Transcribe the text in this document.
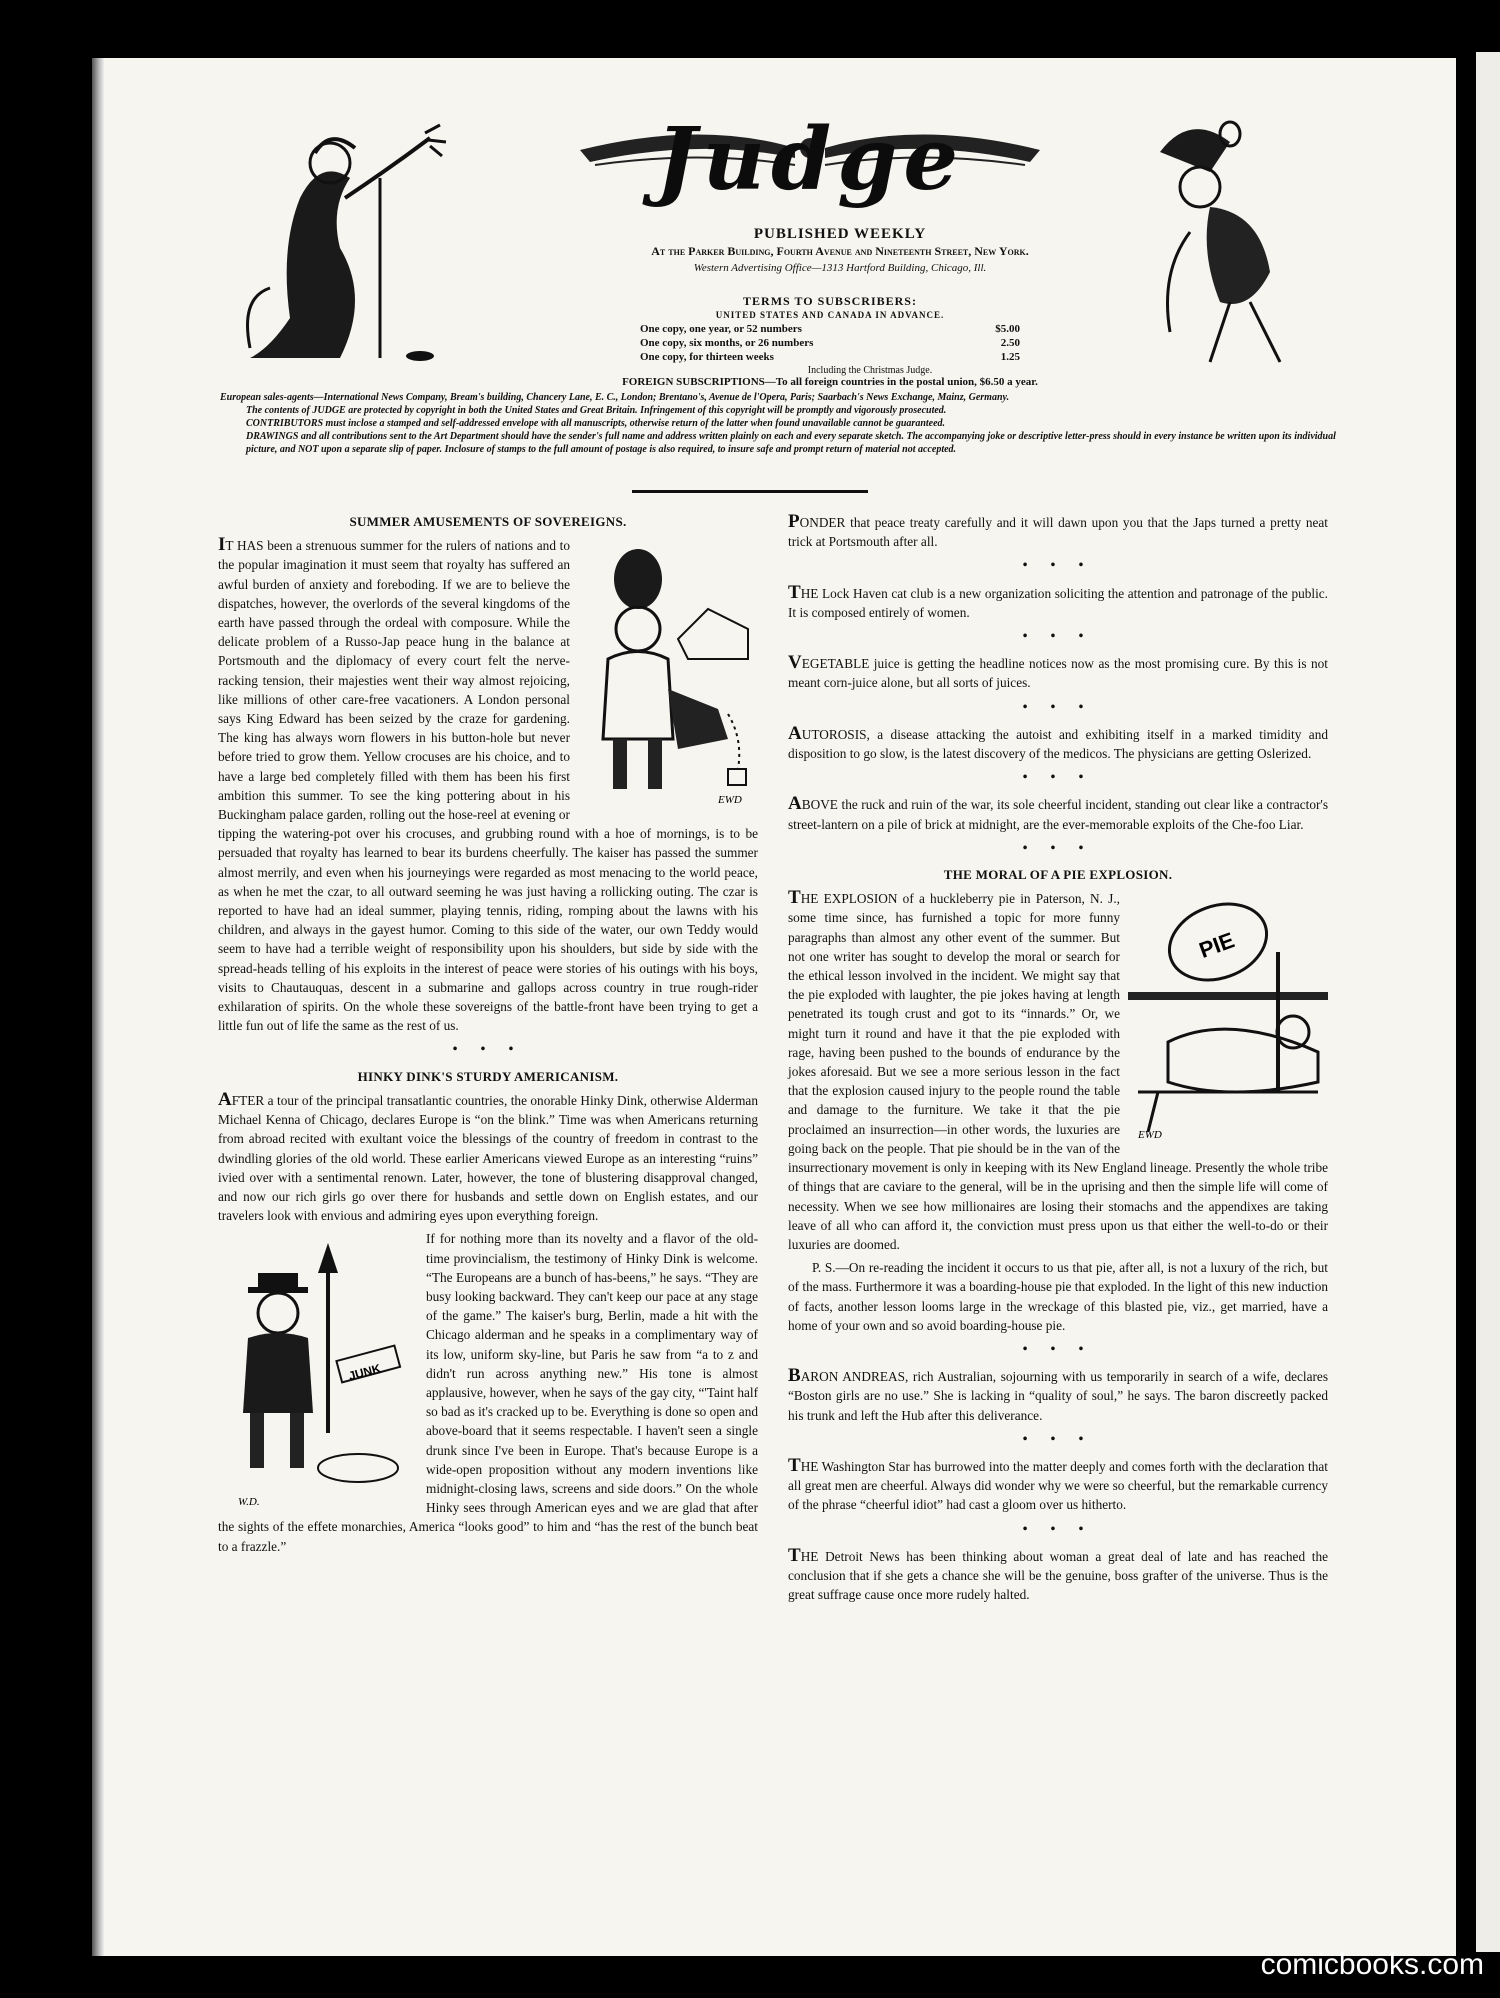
Judge
PUBLISHED WEEKLY
At the Parker Building, Fourth Avenue and Nineteenth Street, New York.
Western Advertising Office—1313 Hartford Building, Chicago, Ill.
TERMS TO SUBSCRIBERS:
UNITED STATES AND CANADA IN ADVANCE.
One copy, one year, or 52 numbers	$5.00
One copy, six months, or 26 numbers	2.50
One copy, for thirteen weeks	1.25
Including the Christmas Judge.
FOREIGN SUBSCRIPTIONS—To all foreign countries in the postal union, $6.50 a year.

European sales-agents—International News Company, Bream's building, Chancery Lane, E. C., London; Brentano's, Avenue de l'Opera, Paris; Saarbach's News Exchange, Mainz, Germany.

The contents of JUDGE are protected by copyright in both the United States and Great Britain. Infringement of this copyright will be promptly and vigorously prosecuted.

CONTRIBUTORS must inclose a stamped and self-addressed envelope with all manuscripts, otherwise return of the latter when found unavailable cannot be guaranteed.

DRAWINGS and all contributions sent to the Art Department should have the sender's full name and address written plainly on each and every separate sketch. The accompanying joke or descriptive letter-press should in every instance be written upon its individual picture, and NOT upon a separate slip of paper. Inclosure of stamps to the full amount of postage is also required, to insure safe and prompt return of material not accepted.

SUMMER AMUSEMENTS OF SOVEREIGNS.
EWD

IT HAS been a strenuous summer for the rulers of nations and to the popular imagination it must seem that royalty has suffered an awful burden of anxiety and foreboding. If we are to believe the dispatches, however, the overlords of the several kingdoms of the earth have passed through the ordeal with composure. While the delicate problem of a Russo-Jap peace hung in the balance at Portsmouth and the diplomacy of every court felt the nerve-racking tension, their majesties went their way almost rejoicing, like millions of other care-free vacationers. A London personal says King Edward has been seized by the craze for gardening. The king has always worn flowers in his button-hole but never before tried to grow them. Yellow crocuses are his choice, and to have a large bed completely filled with them has been his first ambition this summer. To see the king pottering about in his Buckingham palace garden, rolling out the hose-reel at evening or tipping the watering-pot over his crocuses, and grubbing round with a hoe of mornings, is to be persuaded that royalty has learned to bear its burdens cheerfully. The kaiser has passed the summer almost merrily, and even when his journeyings were regarded as most menacing to the world peace, as when he met the czar, to all outward seeming he was just having a rollicking outing. The czar is reported to have had an ideal summer, playing tennis, riding, romping about the lawns with his children, and always in the gayest humor. Coming to this side of the water, our own Teddy would seem to have had a terrible weight of responsibility upon his shoulders, but side by side with the spread-heads telling of his exploits in the interest of peace were stories of his outings with his boys, visits to Chautauquas, descent in a submarine and gallops across country in true rough-rider exhilaration of spirits. On the whole these sovereigns of the battle-front have been trying to get a little fun out of life the same as the rest of us.

• • •
HINKY DINK'S STURDY AMERICANISM.

AFTER a tour of the principal transatlantic countries, the onorable Hinky Dink, otherwise Alderman Michael Kenna of Chicago, declares Europe is “on the blink.” Time was when Americans returning from abroad recited with exultant voice the blessings of the country of freedom in contrast to the dwindling glories of the old world. These earlier Americans viewed Europe as an interesting “ruins” ivied over with a sentimental renown. Later, however, the tone of blustering disapproval changed, and now our rich girls go over there for husbands and settle down on English estates, and our travelers look with envious and admiring eyes upon everything foreign.

JUNK
W.D.

If for nothing more than its novelty and a flavor of the old-time provincialism, the testimony of Hinky Dink is welcome. “The Europeans are a bunch of has-beens,” he says. “They are busy looking backward. They can't keep our pace at any stage of the game.” The kaiser's burg, Berlin, made a hit with the Chicago alderman and he speaks in a complimentary way of its low, uniform sky-line, but Paris he saw from “a to z and didn't run across anything new.” His tone is almost applausive, however, when he says of the gay city, “'Taint half so bad as it's cracked up to be. Everything is done so open and above-board that it seems respectable. I haven't seen a single drunk since I've been in Europe. That's because Europe is a wide-open proposition without any modern inventions like midnight-closing laws, screens and side doors.” On the whole Hinky sees through American eyes and we are glad that after the sights of the effete monarchies, America “looks good” to him and “has the rest of the bunch beat to a frazzle.”

PONDER that peace treaty carefully and it will dawn upon you that the Japs turned a pretty neat trick at Portsmouth after all.

• • •

THE Lock Haven cat club is a new organization soliciting the attention and patronage of the public. It is composed entirely of women.

• • •

VEGETABLE juice is getting the headline notices now as the most promising cure. By this is not meant corn-juice alone, but all sorts of juices.

• • •

AUTOROSIS, a disease attacking the autoist and exhibiting itself in a marked timidity and disposition to go slow, is the latest discovery of the medicos. The physicians are getting Oslerized.

• • •

ABOVE the ruck and ruin of the war, its sole cheerful incident, standing out clear like a contractor's street-lantern on a pile of brick at midnight, are the ever-memorable exploits of the Che-foo Liar.

• • •
THE MORAL OF A PIE EXPLOSION.
PIE
EWD

THE EXPLOSION of a huckleberry pie in Paterson, N. J., some time since, has furnished a topic for more funny paragraphs than almost any other event of the summer. But not one writer has sought to develop the moral or search for the ethical lesson involved in the incident. We might say that the pie exploded with laughter, the pie jokes having at length penetrated its tough crust and got to its “innards.” Or, we might turn it round and have it that the pie exploded with rage, having been pushed to the bounds of endurance by the jokes aforesaid. But we see a more serious lesson in the fact that the explosion caused injury to the people round the table and damage to the furniture. We take it that the pie proclaimed an insurrection—in other words, the luxuries are going back on the people. That pie should be in the van of the insurrectionary movement is only in keeping with its New England lineage. Presently the whole tribe of things that are caviare to the general, will be in the uprising and then the simple life will come of necessity. When we see how millionaires are losing their stomachs and the appendixes are taking leave of all who can afford it, the conviction must press upon us that either the well-to-do or their luxuries are doomed.

P. S.—On re-reading the incident it occurs to us that pie, after all, is not a luxury of the rich, but of the mass. Furthermore it was a boarding-house pie that exploded. In the light of this new induction of facts, another lesson looms large in the wreckage of this blasted pie, viz., get married, have a home of your own and so avoid boarding-house pie.

• • •

BARON ANDREAS, rich Australian, sojourning with us temporarily in search of a wife, declares “Boston girls are no use.” She is lacking in “quality of soul,” he says. The baron discreetly packed his trunk and left the Hub after this deliverance.

• • •

THE Washington Star has burrowed into the matter deeply and comes forth with the declaration that all great men are cheerful. Always did wonder why we were so cheerful, but the remarkable currency of the phrase “cheerful idiot” had cast a gloom over us hitherto.

• • •

THE Detroit News has been thinking about woman a great deal of late and has reached the conclusion that if she gets a chance she will be the genuine, boss grafter of the universe. Thus is the great suffrage cause once more rudely halted.

comicbooks.com
